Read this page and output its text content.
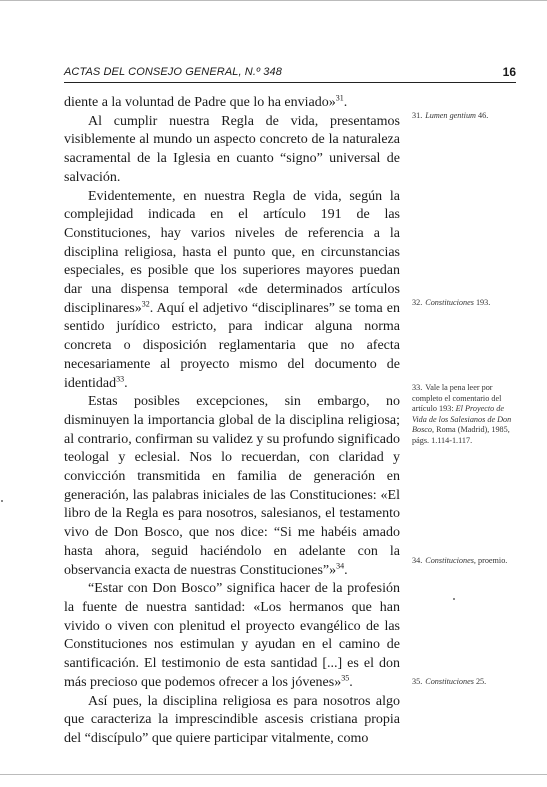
ACTAS DEL CONSEJO GENERAL, N.º 348	16

diente a la voluntad de Padre que lo ha enviado»$^{31}$.

Al cumplir nuestra Regla de vida, presentamos visiblemente al mundo un aspecto concreto de la naturaleza sacramental de la Iglesia en cuanto “signo” universal de salvación.

Evidentemente, en nuestra Regla de vida, según la complejidad indicada en el artículo 191 de las Constituciones, hay varios niveles de referencia a la disciplina religiosa, hasta el punto que, en circunstancias especiales, es posible que los superiores mayores puedan dar una dispensa temporal «de determinados artículos disciplinares»$^{32}$. Aquí el adjetivo “disciplinares” se toma en sentido jurídico estricto, para indicar alguna norma concreta o disposición reglamentaria que no afecta necesariamente al proyecto mismo del documento de identidad$^{33}$.

Estas posibles excepciones, sin embargo, no disminuyen la importancia global de la disciplina religiosa; al contrario, confirman su validez y su profundo significado teologal y eclesial. Nos lo recuerdan, con claridad y convicción transmitida en familia de generación en generación, las palabras iniciales de las Constituciones: «El libro de la Regla es para nosotros, salesianos, el testamento vivo de Don Bosco, que nos dice: “Si me habéis amado hasta ahora, seguid haciéndolo en adelante con la observancia exacta de nuestras Constituciones”»$^{34}$.

“Estar con Don Bosco” significa hacer de la profesión la fuente de nuestra santidad: «Los hermanos que han vivido o viven con plenitud el proyecto evangélico de las Constituciones nos estimulan y ayudan en el camino de santificación. El testimonio de esta santidad [...] es el don más precioso que podemos ofrecer a los jóvenes»$^{35}$.

Así pues, la disciplina religiosa es para nosotros algo que caracteriza la imprescindible ascesis cristiana propia del “discípulo” que quiere participar vitalmente, como

31. Lumen gentium 46.
32. Constituciones 193.
33. Vale la pena leer por completo el comentario del artículo 193: El Proyecto de Vida de los Salesianos de Don Bosco, Roma (Madrid), 1985, págs. 1.114-1.117.
34. Constituciones, proemio.
35. Constituciones 25.
